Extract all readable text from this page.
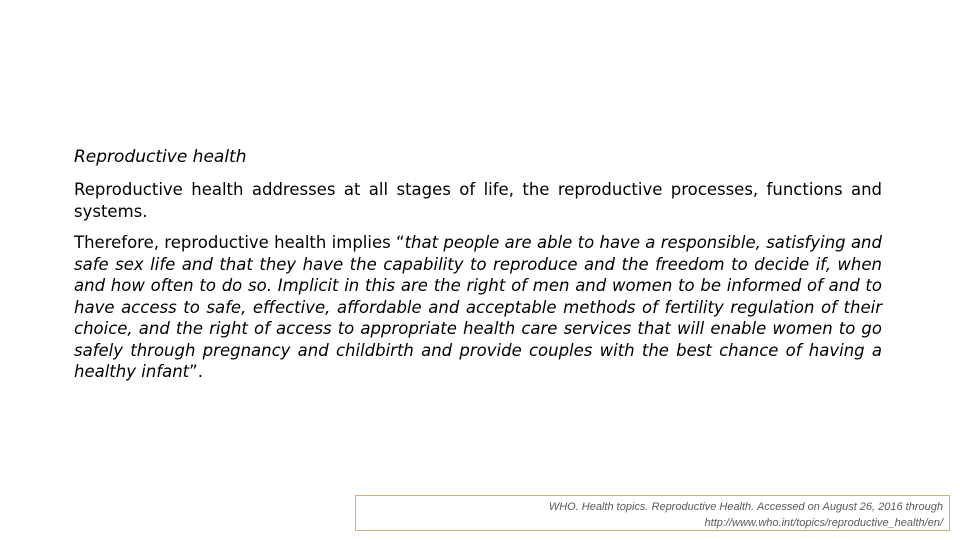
Reproductive health

Reproductive health addresses at all stages of life, the reproductive processes, functions and systems.

Therefore, reproductive health implies “that people are able to have a responsible, satisfying and safe sex life and that they have the capability to reproduce and the freedom to decide if, when and how often to do so. Implicit in this are the right of men and women to be informed of and to have access to safe, effective, affordable and acceptable methods of fertility regulation of their choice, and the right of access to appropriate health care services that will enable women to go safely through pregnancy and childbirth and provide couples with the best chance of having a healthy infant”.

WHO. Health topics. Reproductive Health. Accessed on August 26, 2016 through
http://www.who.int/topics/reproductive_health/en/
